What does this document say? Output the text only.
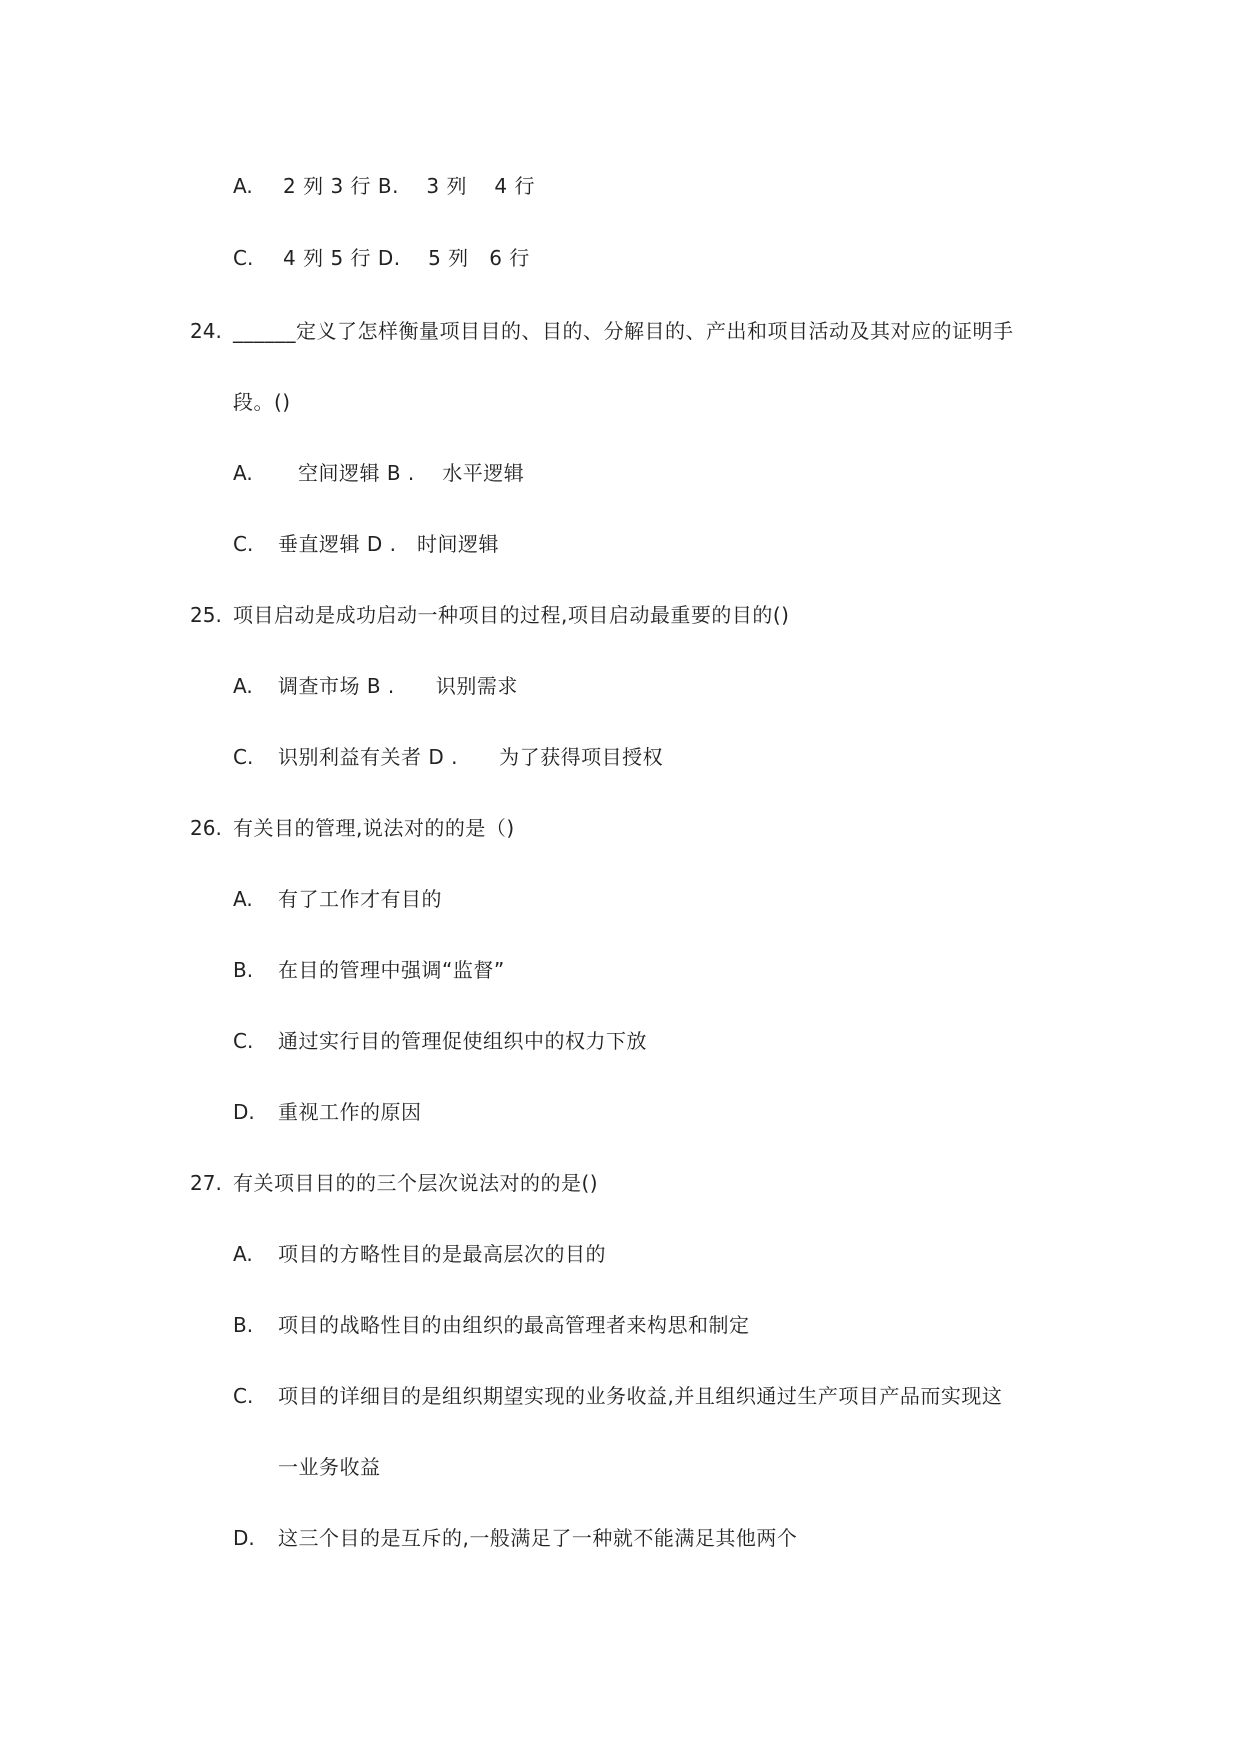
A. 2 列 3 行 B.    3 列    4 行
C. 4 列 5 行 D.    5 列   6 行
24. ______定义了怎样衡量项目目的、目的、分解目的、产出和项目活动及其对应的证明手
段。()
A. 空间逻辑 B .    水平逻辑
C. 垂直逻辑 D .   时间逻辑
25. 项目启动是成功启动一种项目的过程,项目启动最重要的目的()
A. 调查市场 B .      识别需求
C. 识别利益有关者 D .      为了获得项目授权
26. 有关目的管理,说法对的的是（)
A. 有了工作才有目的
B. 在目的管理中强调“监督”
C. 通过实行目的管理促使组织中的权力下放
D. 重视工作的原因
27. 有关项目目的的三个层次说法对的的是()
A. 项目的方略性目的是最高层次的目的
B. 项目的战略性目的由组织的最高管理者来构思和制定
C. 项目的详细目的是组织期望实现的业务收益,并且组织通过生产项目产品而实现这
一业务收益
D. 这三个目的是互斥的,一般满足了一种就不能满足其他两个
